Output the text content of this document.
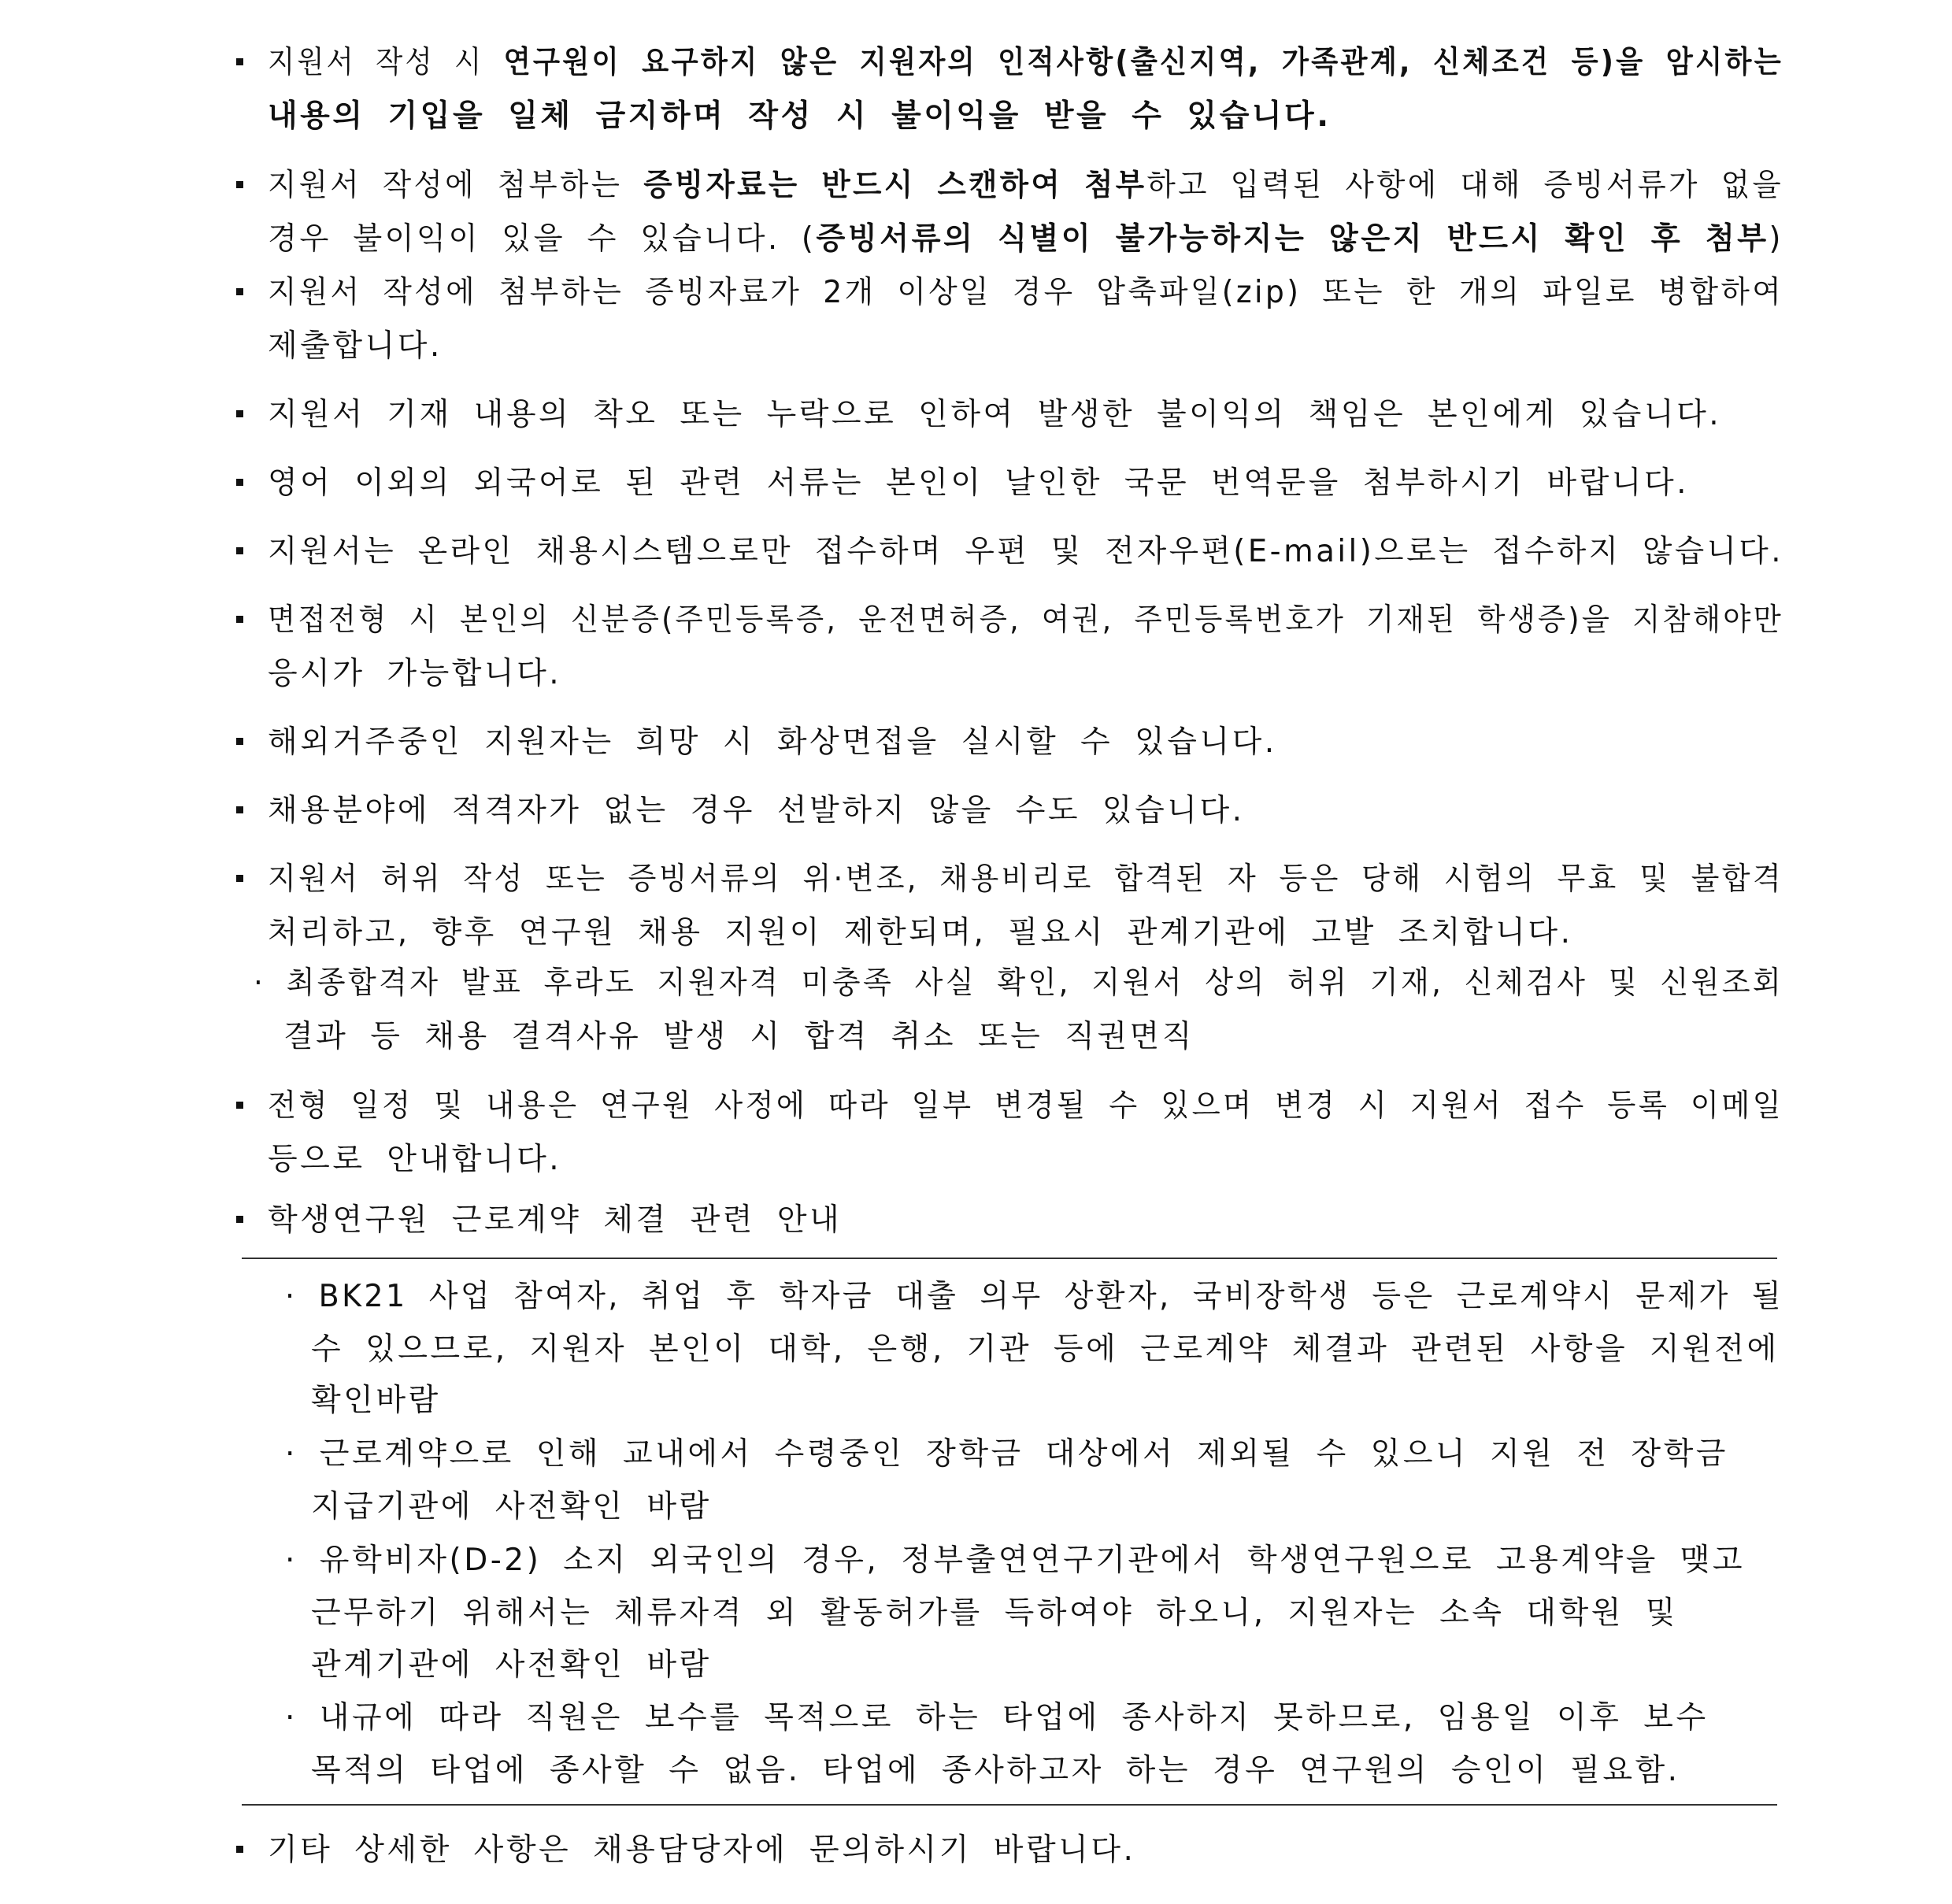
지원서 작성 시 연구원이 요구하지 않은 지원자의 인적사항(출신지역, 가족관계, 신체조건 등)을 암시하는
내용의 기입을 일체 금지하며 작성 시 불이익을 받을 수 있습니다.
지원서 작성에 첨부하는 증빙자료는 반드시 스캔하여 첨부하고 입력된 사항에 대해 증빙서류가 없을
경우 불이익이 있을 수 있습니다. (증빙서류의 식별이 불가능하지는 않은지 반드시 확인 후 첨부)
지원서 작성에 첨부하는 증빙자료가 2개 이상일 경우 압축파일(zip) 또는 한 개의 파일로 병합하여
제출합니다.
지원서 기재 내용의 착오 또는 누락으로 인하여 발생한 불이익의 책임은 본인에게 있습니다.
영어 이외의 외국어로 된 관련 서류는 본인이 날인한 국문 번역문을 첨부하시기 바랍니다.
지원서는 온라인 채용시스템으로만 접수하며 우편 및 전자우편(E-mail)으로는 접수하지 않습니다.
면접전형 시 본인의 신분증(주민등록증, 운전면허증, 여권, 주민등록번호가 기재된 학생증)을 지참해야만
응시가 가능합니다.
해외거주중인 지원자는 희망 시 화상면접을 실시할 수 있습니다.
채용분야에 적격자가 없는 경우 선발하지 않을 수도 있습니다.
지원서 허위 작성 또는 증빙서류의 위·변조, 채용비리로 합격된 자 등은 당해 시험의 무효 및 불합격
처리하고, 향후 연구원 채용 지원이 제한되며, 필요시 관계기관에 고발 조치합니다.
· 최종합격자 발표 후라도 지원자격 미충족 사실 확인, 지원서 상의 허위 기재, 신체검사 및 신원조회
결과 등 채용 결격사유 발생 시 합격 취소 또는 직권면직
전형 일정 및 내용은 연구원 사정에 따라 일부 변경될 수 있으며 변경 시 지원서 접수 등록 이메일
등으로 안내합니다.
학생연구원 근로계약 체결 관련 안내
· BK21 사업 참여자, 취업 후 학자금 대출 의무 상환자, 국비장학생 등은 근로계약시 문제가 될
수 있으므로, 지원자 본인이 대학, 은행, 기관 등에 근로계약 체결과 관련된 사항을 지원전에
확인바람
· 근로계약으로 인해 교내에서 수령중인 장학금 대상에서 제외될 수 있으니 지원 전 장학금
지급기관에 사전확인 바람
· 유학비자(D-2) 소지 외국인의 경우, 정부출연연구기관에서 학생연구원으로 고용계약을 맺고
근무하기 위해서는 체류자격 외 활동허가를 득하여야 하오니, 지원자는 소속 대학원 및
관계기관에 사전확인 바람
· 내규에 따라 직원은 보수를 목적으로 하는 타업에 종사하지 못하므로, 임용일 이후 보수
목적의 타업에 종사할 수 없음. 타업에 종사하고자 하는 경우 연구원의 승인이 필요함.
기타 상세한 사항은 채용담당자에 문의하시기 바랍니다.
